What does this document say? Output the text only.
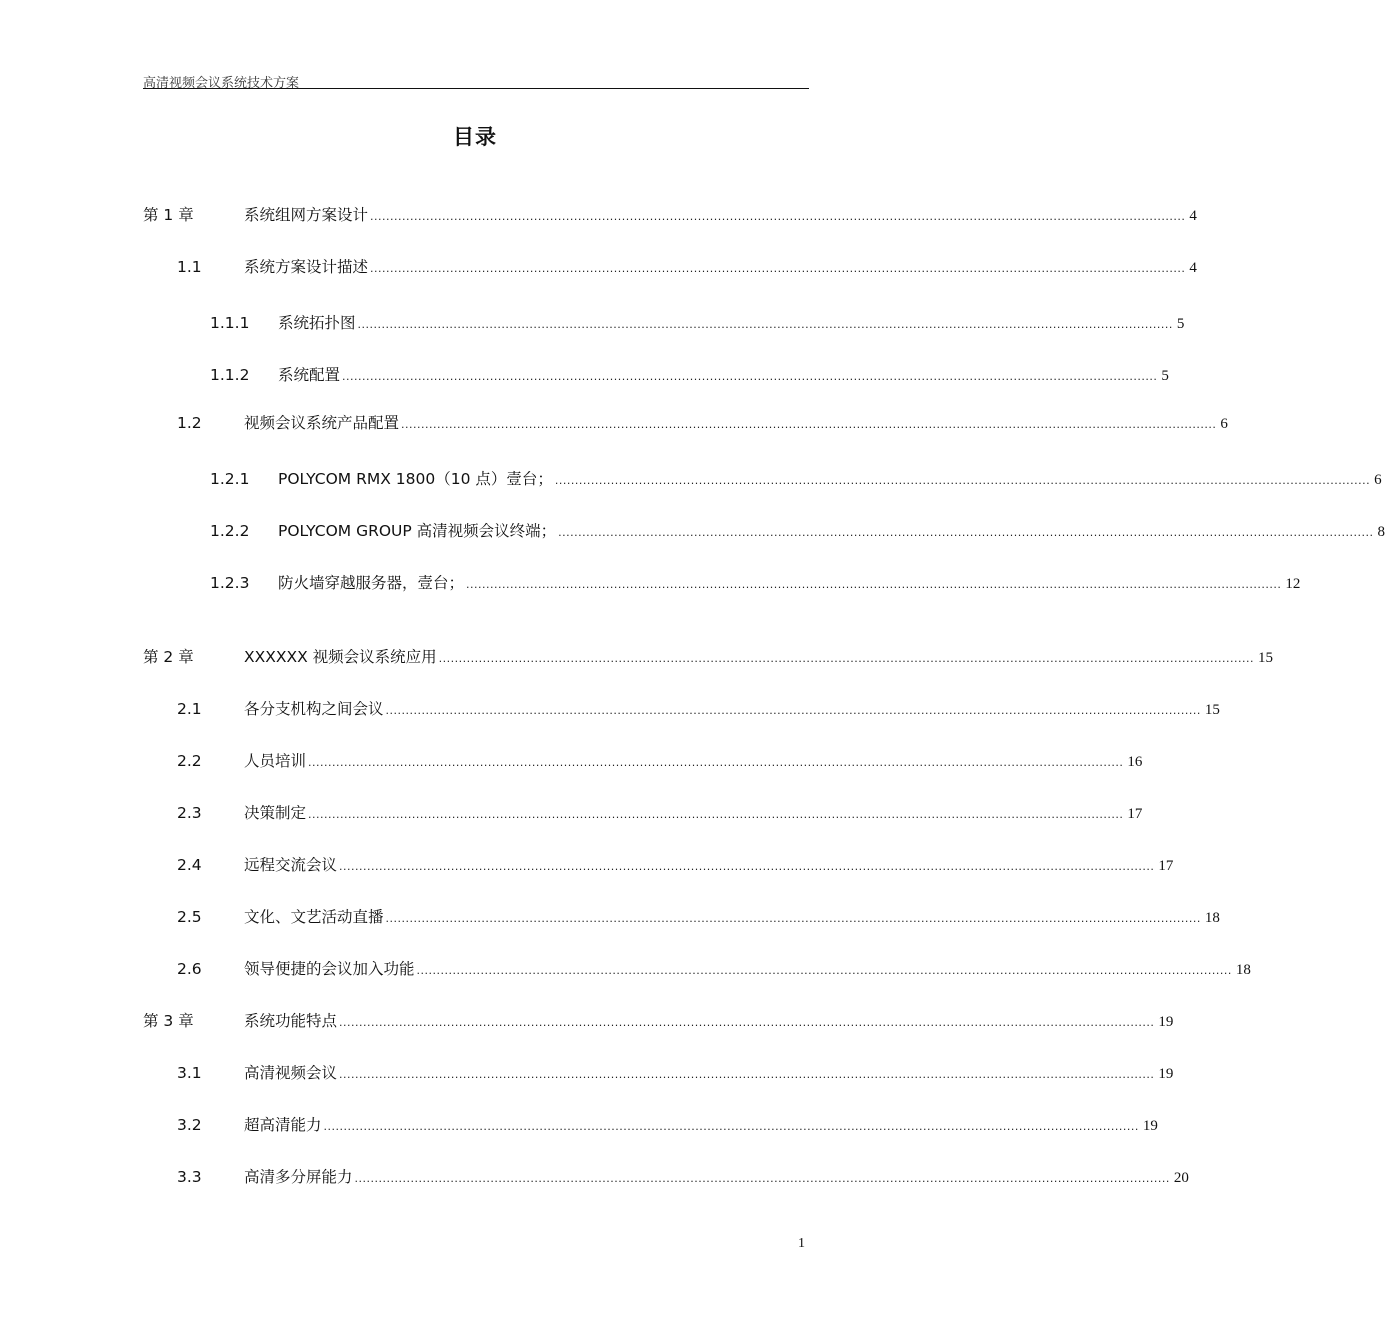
高清视频会议系统技术方案
目录
第 1 章	系统组网方案设计 ............................................................................................................................................................................................................ 4
1.1	系统方案设计描述 ............................................................................................................................................................................................................ 4
1.1.1	系统拓扑图 ............................................................................................................................................................................................................ 5
1.1.2	系统配置 ............................................................................................................................................................................................................ 5
1.2	视频会议系统产品配置 ............................................................................................................................................................................................................ 6
1.2.1	POLYCOM RMX 1800（10 点）壹台； ............................................................................................................................................................................................................ 6
1.2.2	POLYCOM GROUP 高清视频会议终端； ............................................................................................................................................................................................................ 8
1.2.3	防火墙穿越服务器，壹台； ............................................................................................................................................................................................................ 12
第 2 章	XXXXXX 视频会议系统应用 ............................................................................................................................................................................................................ 15
2.1	各分支机构之间会议 ............................................................................................................................................................................................................ 15
2.2	人员培训 ............................................................................................................................................................................................................ 16
2.3	决策制定 ............................................................................................................................................................................................................ 17
2.4	远程交流会议 ............................................................................................................................................................................................................ 17
2.5	文化、文艺活动直播 ............................................................................................................................................................................................................ 18
2.6	领导便捷的会议加入功能 ............................................................................................................................................................................................................ 18
第 3 章	系统功能特点 ............................................................................................................................................................................................................ 19
3.1	高清视频会议 ............................................................................................................................................................................................................ 19
3.2	超高清能力 ............................................................................................................................................................................................................ 19
3.3	高清多分屏能力 ............................................................................................................................................................................................................ 20
1
